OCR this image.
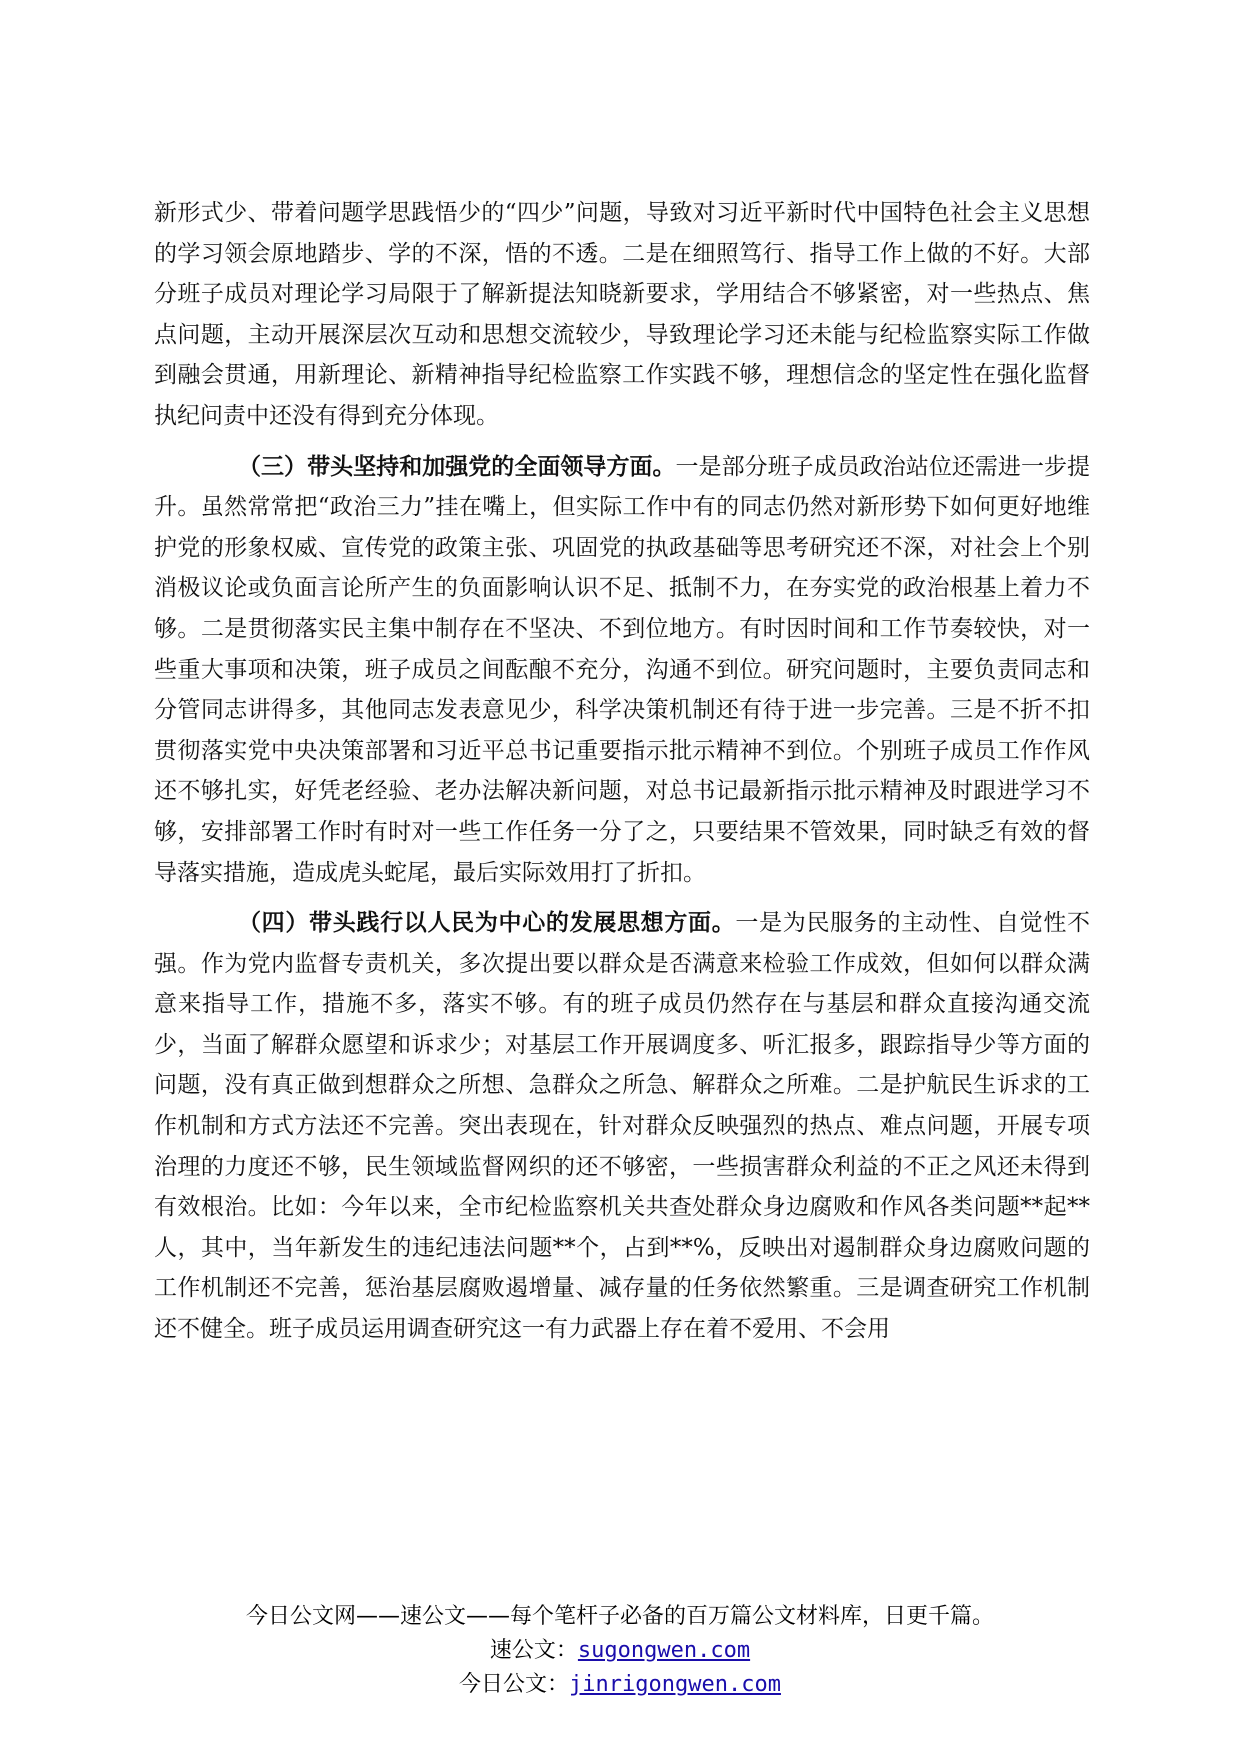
新形式少、带着问题学思践悟少的“四少”问题，导致对习近平新时代中国特色社会主义思想的学习领会原地踏步、学的不深，悟的不透。二是在细照笃行、指导工作上做的不好。大部分班子成员对理论学习局限于了解新提法知晓新要求，学用结合不够紧密，对一些热点、焦点问题，主动开展深层次互动和思想交流较少，导致理论学习还未能与纪检监察实际工作做到融会贯通，用新理论、新精神指导纪检监察工作实践不够，理想信念的坚定性在强化监督执纪问责中还没有得到充分体现。

（三）带头坚持和加强党的全面领导方面。一是部分班子成员政治站位还需进一步提升。虽然常常把“政治三力”挂在嘴上，但实际工作中有的同志仍然对新形势下如何更好地维护党的形象权威、宣传党的政策主张、巩固党的执政基础等思考研究还不深，对社会上个别消极议论或负面言论所产生的负面影响认识不足、抵制不力，在夯实党的政治根基上着力不够。二是贯彻落实民主集中制存在不坚决、不到位地方。有时因时间和工作节奏较快，对一些重大事项和决策，班子成员之间酝酿不充分，沟通不到位。研究问题时，主要负责同志和分管同志讲得多，其他同志发表意见少，科学决策机制还有待于进一步完善。三是不折不扣贯彻落实党中央决策部署和习近平总书记重要指示批示精神不到位。个别班子成员工作作风还不够扎实，好凭老经验、老办法解决新问题，对总书记最新指示批示精神及时跟进学习不够，安排部署工作时有时对一些工作任务一分了之，只要结果不管效果，同时缺乏有效的督导落实措施，造成虎头蛇尾，最后实际效用打了折扣。

（四）带头践行以人民为中心的发展思想方面。一是为民服务的主动性、自觉性不强。作为党内监督专责机关，多次提出要以群众是否满意来检验工作成效，但如何以群众满意来指导工作，措施不多，落实不够。有的班子成员仍然存在与基层和群众直接沟通交流少，当面了解群众愿望和诉求少；对基层工作开展调度多、听汇报多，跟踪指导少等方面的问题，没有真正做到想群众之所想、急群众之所急、解群众之所难。二是护航民生诉求的工作机制和方式方法还不完善。突出表现在，针对群众反映强烈的热点、难点问题，开展专项治理的力度还不够，民生领域监督网织的还不够密，一些损害群众利益的不正之风还未得到有效根治。比如：今年以来，全市纪检监察机关共查处群众身边腐败和作风各类问题**起**人，其中，当年新发生的违纪违法问题**个，占到**%，反映出对遏制群众身边腐败问题的工作机制还不完善，惩治基层腐败遏增量、减存量的任务依然繁重。三是调查研究工作机制还不健全。班子成员运用调查研究这一有力武器上存在着不爱用、不会用

今日公文网——速公文——每个笔杆子必备的百万篇公文材料库，日更千篇。
速公文：sugongwen.com
今日公文：jinrigongwen.com
